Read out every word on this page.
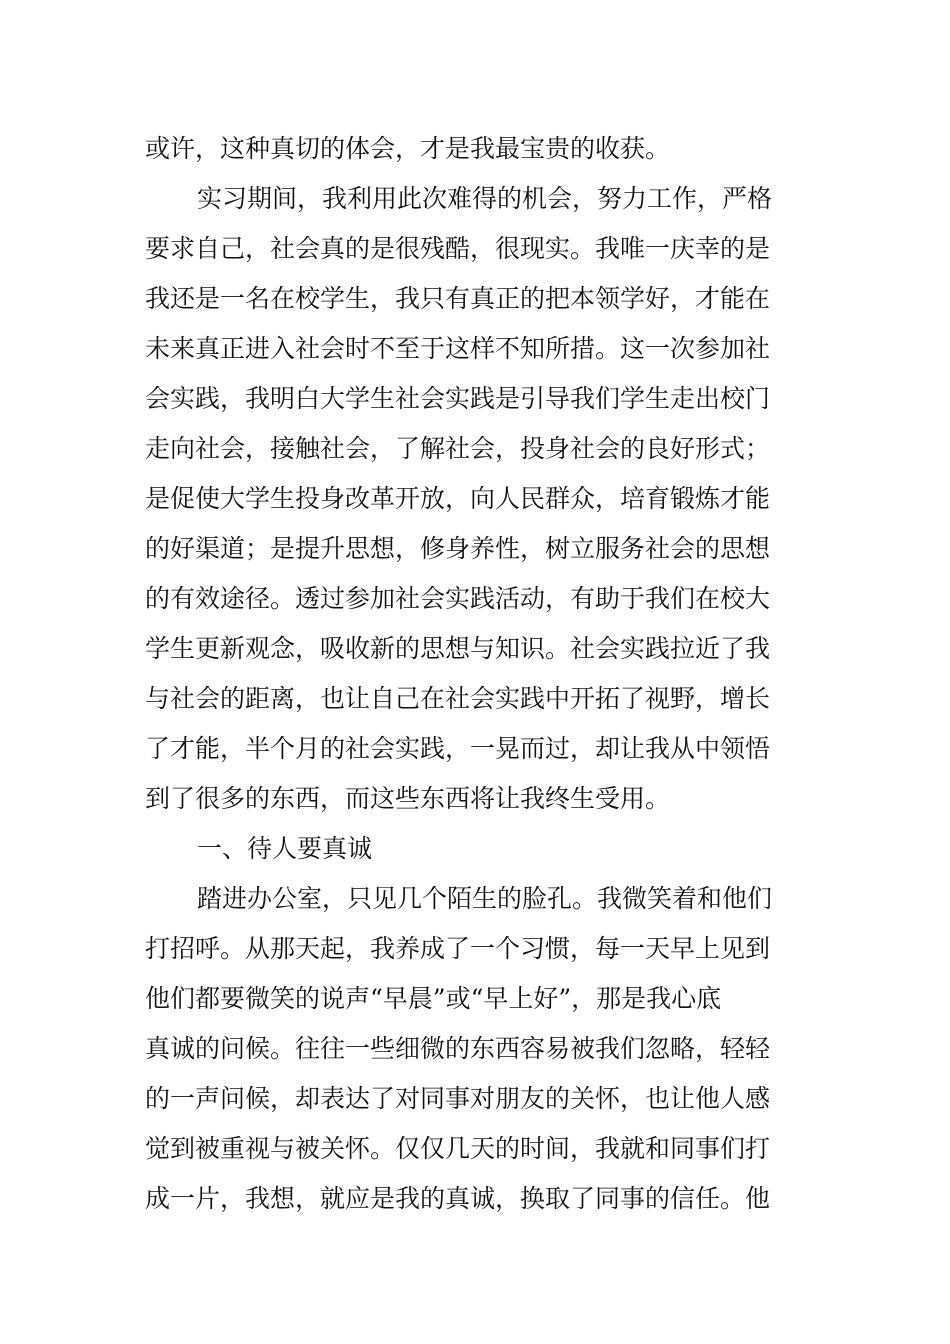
或许，这种真切的体会，才是我最宝贵的收获。
实习期间，我利用此次难得的机会，努力工作，严格
要求自己，社会真的是很残酷，很现实。我唯一庆幸的是
我还是一名在校学生，我只有真正的把本领学好，才能在
未来真正进入社会时不至于这样不知所措。这一次参加社
会实践，我明白大学生社会实践是引导我们学生走出校门
走向社会，接触社会，了解社会，投身社会的良好形式；
是促使大学生投身改革开放，向人民群众，培育锻炼才能
的好渠道；是提升思想，修身养性，树立服务社会的思想
的有效途径。透过参加社会实践活动，有助于我们在校大
学生更新观念，吸收新的思想与知识。社会实践拉近了我
与社会的距离，也让自己在社会实践中开拓了视野，增长
了才能，半个月的社会实践，一晃而过，却让我从中领悟
到了很多的东西，而这些东西将让我终生受用。
一、待人要真诚
踏进办公室，只见几个陌生的脸孔。我微笑着和他们
打招呼。从那天起，我养成了一个习惯，每一天早上见到
他们都要微笑的说声“早晨”或“早上好”，那是我心底
真诚的问候。往往一些细微的东西容易被我们忽略，轻轻
的一声问候，却表达了对同事对朋友的关怀，也让他人感
觉到被重视与被关怀。仅仅几天的时间，我就和同事们打
成一片，我想，就应是我的真诚，换取了同事的信任。他
